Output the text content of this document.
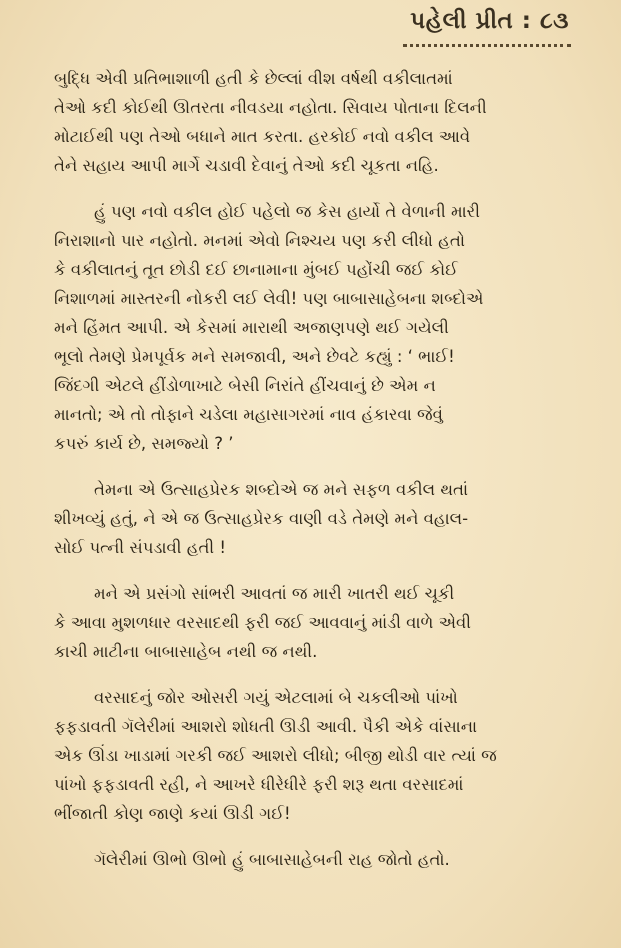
પહેલી પ્રીત : ૮૩
બુદ્ધિ એવી પ્રતિભાશાળી હતી કે છેલ્લાં વીશ વર્ષથી વકીલાતમાં
તેઓ કદી કોઈથી ઊતરતા નીવડયા નહોતા. સિવાય પોતાના દિલની
મોટાઈથી પણ તેઓ બધાને માત કરતા. હરકોઈ નવો વકીલ આવે
તેને સહાય આપી માર્ગે ચડાવી દેવાનું તેઓ કદી ચૂકતા નહિ.
હું પણ નવો વકીલ હોઈ પહેલો જ કેસ હાર્યો તે વેળાની મારી
નિરાશાનો પાર નહોતો. મનમાં એવો નિશ્ચય પણ કરી લીધો હતો
કે વકીલાતનું તૂત છોડી દઈ છાનામાના મુંબઈ પહોંચી જઈ કોઈ
નિશાળમાં માસ્તરની નોકરી લઈ લેવી! પણ બાબાસાહેબના શબ્દોએ
મને હિંમત આપી. એ કેસમાં મારાથી અજાણપણે થઈ ગયેલી
ભૂલો તેમણે પ્રેમપૂર્વક મને સમજાવી, અને છેવટે કહ્યું : ‘ ભાઈ!
જિંદગી એટલે હીંડોળાખાટે બેસી નિરાંતે હીંચવાનું છે એમ ન
માનતો; એ તો તોફાને ચડેલા મહાસાગરમાં નાવ હંકારવા જેવું
કપરું કાર્ય છે, સમજ્યો ? ’
તેમના એ ઉત્સાહપ્રેરક શબ્દોએ જ મને સફળ વકીલ થતાં
શીખવ્યું હતું, ને એ જ ઉત્સાહપ્રેરક વાણી વડે તેમણે મને વહાલ-
સોઈ પત્ની સંપડાવી હતી !
મને એ પ્રસંગો સાંભરી આવતાં જ મારી ખાતરી થઈ ચૂકી
કે આવા મુશળધાર વરસાદથી ફરી જઈ આવવાનું માંડી વાળે એવી
કાચી માટીના બાબાસાહેબ નથી જ નથી.
વરસાદનું જોર ઓસરી ગયું એટલામાં બે ચકલીઓ પાંખો
ફફડાવતી ગૅલેરીમાં આશરો શોધતી ઊડી આવી. પૈકી એકે વાંસાના
એક ઊંડા ખાડામાં ગરકી જઈ આશરો લીધો; બીજી થોડી વાર ત્યાં જ
પાંખો ફફડાવતી રહી, ને આખરે ધીરેધીરે ફરી શરૂ થતા વરસાદમાં
ભીંજાતી કોણ જાણે કયાં ઊડી ગઈ!
ગૅલેરીમાં ઊભો ઊભો હું બાબાસાહેબની રાહ જોતો હતો.
